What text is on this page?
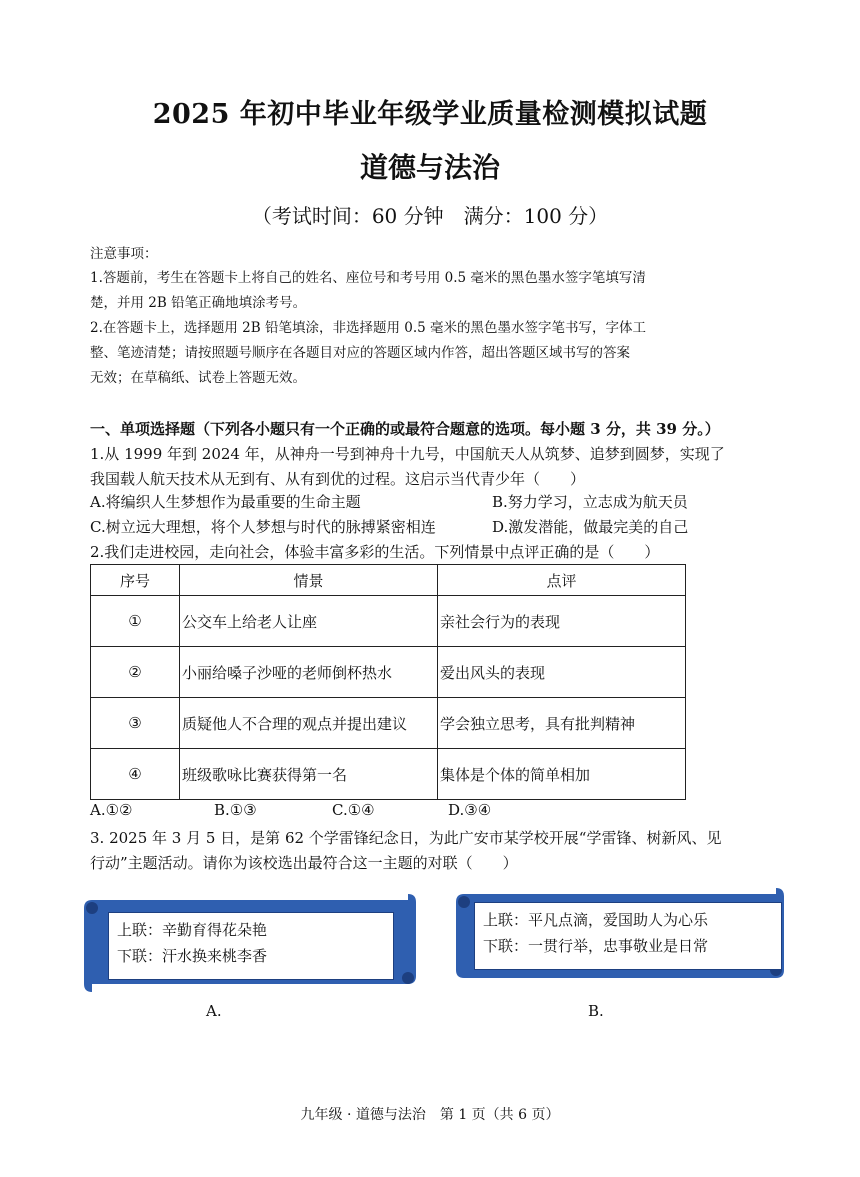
2025 年初中毕业年级学业质量检测模拟试题
道德与法治
（考试时间：60 分钟　满分：100 分）
注意事项：
1.答题前，考生在答题卡上将自己的姓名、座位号和考号用 0.5 毫米的黑色墨水签字笔填写清
楚，并用 2B 铅笔正确地填涂考号。
2.在答题卡上，选择题用 2B 铅笔填涂，非选择题用 0.5 毫米的黑色墨水签字笔书写，字体工
整、笔迹清楚；请按照题号顺序在各题目对应的答题区域内作答，超出答题区域书写的答案
无效；在草稿纸、试卷上答题无效。
一、单项选择题（下列各小题只有一个正确的或最符合题意的选项。每小题 3 分，共 39 分。）
1.从 1999 年到 2024 年，从神舟一号到神舟十九号，中国航天人从筑梦、追梦到圆梦，实现了
我国载人航天技术从无到有、从有到优的过程。这启示当代青少年（　　）
A.将编织人生梦想作为最重要的生命主题	B.努力学习，立志成为航天员
C.树立远大理想，将个人梦想与时代的脉搏紧密相连	D.激发潜能，做最完美的自己
2.我们走进校园，走向社会，体验丰富多彩的生活。下列情景中点评正确的是（　　）
序号	情景	点评
①	公交车上给老人让座	亲社会行为的表现
②	小丽给嗓子沙哑的老师倒杯热水	爱出风头的表现
③	质疑他人不合理的观点并提出建议	学会独立思考，具有批判精神
④	班级歌咏比赛获得第一名	集体是个体的简单相加
A.①②	B.①③	C.①④	D.③④
3. 2025 年 3 月 5 日，是第 62 个学雷锋纪念日，为此广安市某学校开展“学雷锋、树新风、见
行动”主题活动。请你为该校选出最符合这一主题的对联（　　）
上联：辛勤育得花朵艳
下联：汗水换来桃李香
A.
上联：平凡点滴，爱国助人为心乐
下联：一贯行举，忠事敬业是日常
B.
九年级 · 道德与法治　第 1 页（共 6 页）
